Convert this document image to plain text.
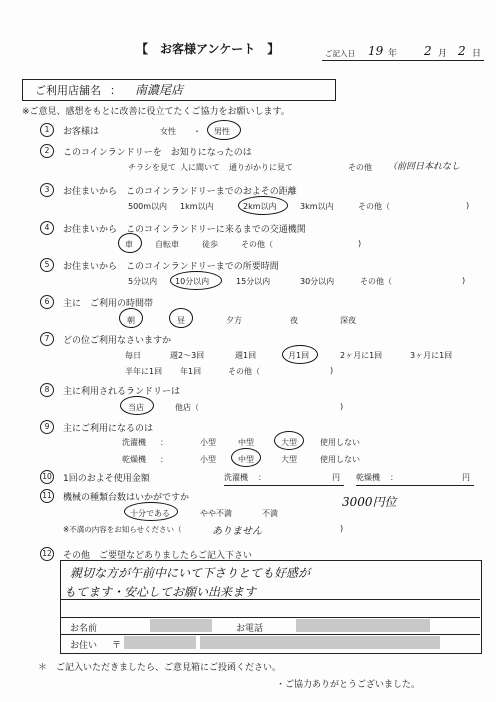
【　お客様アンケート　】	ご記入日 19 年 2 月 2 日
ご利用店舗名 ： 南濃尾店
※ご意見、感想をもとに改善に役立てたくご協力をお願いします。
1	お客様は	女性 ・ 男性
2	このコインランドリーを　お知りになったのは
チラシを見て 人に聞いて 通りがかりに見て	その他 （前回日本れなし
3	お住まいから　このコインランドリーまでのおよその距離
500m以内 1km以内	2km以内	3km以内	その他（	)
4	お住まいから　このコインランドリーに来るまでの交通機関
車	自転車	徒歩	その他（	)
5	お住まいから　このコインランドリーまでの所要時間
5分以内 10分以内	15分以内	30分以内	その他（	)
6	主に　ご利用の時間帯
朝	昼	夕方	夜	深夜
7	どの位ご利用なさいますか
毎日	週2～3回	週1回	月1回	2ヶ月に1回	3ヶ月に1回
半年に1回 年1回	その他（	)
8	主に利用されるランドリーは
当店	他店（	)
9	主にご利用になるのは
洗濯機 ：	小型	中型	大型	使用しない
乾燥機 ：	小型	中型	大型	使用しない
10 1回のおよそ使用金額	洗濯機 ：	円 乾燥機 ：	円
3000円位
11 機械の種類台数はいかがですか
十分である	やや不満	不満
※不満の内容をお知らせください（	ありません	)
12 その他　ご要望などありましたらご記入下さい
親切な方が午前中にいて下さりとても好感が
もてます・安心してお願い出来ます
お名前	お電話
お住い 〒
＊　ご記入いただきましたら、ご意見箱にご投函ください。
・ご協力ありがとうございました。
